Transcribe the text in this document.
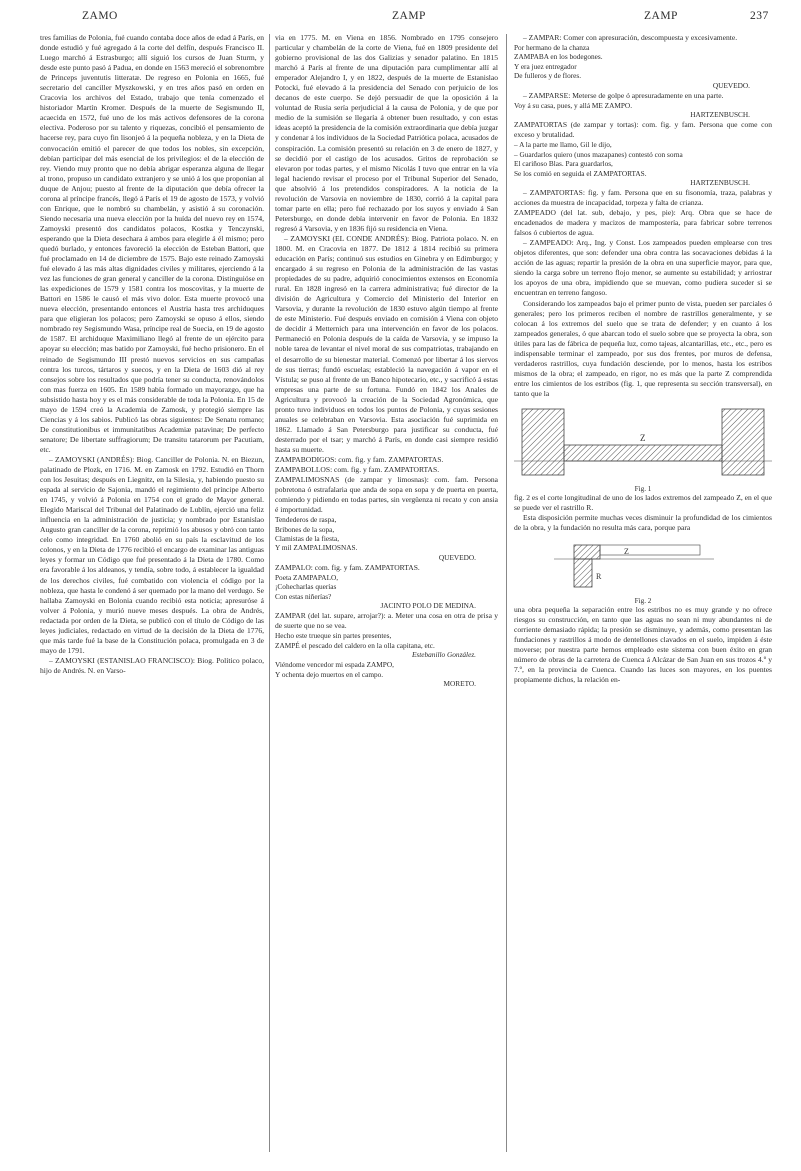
ZAMO	ZAMP	ZAMP	237

tres familias de Polonia, fué cuando contaba doce años de edad á París, en donde estudió y fué agregado á la corte del delfín, después Francisco II. Luego marchó á Estrasburgo; allí siguió los cursos de Juan Sturm, y desde este punto pasó á Padua, en donde en 1563 mereció el sobrenombre de Princeps juventutis litteratæ. De regreso en Polonia en 1665, fué secretario del canciller Myszkowski, y en tres años pasó en orden en Cracovia los archivos del Estado, trabajo que tenía comenzado el historiador Martín Kromer. Después de la muerte de Segismundo II, acaecida en 1572, fué uno de los más activos defensores de la corona electiva. Poderoso por su talento y riquezas, concibió el pensamiento de hacerse rey, para cuyo fin lisonjeó á la pequeña nobleza, y en la Dieta de convocación emitió el parecer de que todos los nobles, sin excepción, debían participar del más esencial de los privilegios: el de la elección de rey. Viendo muy pronto que no debía abrigar esperanza alguna de llegar al trono, propuso un candidato extranjero y se unió á los que proponían al duque de Anjou; puesto al frente de la diputación que debía ofrecer la corona al príncipe francés, llegó á París el 19 de agosto de 1573, y volvió con Enrique, que le nombró su chambelán, y asistió á su coronación. Siendo necesaria una nueva elección por la huída del nuevo rey en 1574, Zamoyski presentó dos candidatos polacos, Kostka y Tenczynski, esperando que la Dieta desechara á ambos para elegirle á él mismo; pero quedó burlado, y entonces favoreció la elección de Esteban Battori, que fué proclamado en 14 de diciembre de 1575. Bajo este reinado Zamoyski fué elevado á las más altas dignidades civiles y militares, ejerciendo á la vez las funciones de gran general y canciller de la corona. Distinguióse en las expediciones de 1579 y 1581 contra los moscovitas, y la muerte de Battori en 1586 le causó el más vivo dolor. Esta muerte provocó una nueva elección, presentando entonces el Austria hasta tres archiduques para que eligieran los polacos; pero Zamoyski se opuso á ellos, siendo nombrado rey Segismundo Wasa, príncipe real de Suecia, en 19 de agosto de 1587. El archiduque Maximiliano llegó al frente de un ejército para apoyar su elección; mas batido por Zamoyski, fué hecho prisionero. En el reinado de Segismundo III prestó nuevos servicios en sus campañas contra los turcos, tártaros y suecos, y en la Dieta de 1603 dió al rey consejos sobre los resultados que podría tener su conducta, renovándolos con mas fuerza en 1605. En 1589 había formado un mayorazgo, que ha subsistido hasta hoy y es el más considerable de toda la Polonia. En 15 de mayo de 1594 creó la Academia de Zamosk, y protegió siempre las Ciencias y á los sabios. Publicó las obras siguientes: De Senatu romano; De constitutionibus et immunitatibus Academiæ patavinæ; De perfecto senatore; De libertate suffragiorum; De transitu tatarorum per Pacutiam, etc.

– ZAMOYSKI (ANDRÉS): Biog. Canciller de Polonia. N. en Biezun, palatinado de Plozk, en 1716. M. en Zamosk en 1792. Estudió en Thorn con los Jesuitas; después en Liegnitz, en la Silesia, y, habiendo puesto su espada al servicio de Sajonia, mandó el regimiento del príncipe Alberto en 1745, y volvió á Polonia en 1754 con el grado de Mayor general. Elegido Mariscal del Tribunal del Palatinado de Lublín, ejerció una feliz influencia en la administración de justicia; y nombrado por Estanislao Augusto gran canciller de la corona, reprimió los abusos y obró con tanto celo como integridad. En 1760 abolió en su país la esclavitud de los colonos, y en la Dieta de 1776 recibió el encargo de examinar las antiguas leyes y formar un Código que fué presentado á la Dieta de 1780. Como era favorable á los aldeanos, y tendía, sobre todo, á establecer la igualdad de los derechos civiles, fué combatido con violencia el código por la nobleza, que hasta le condenó á ser quemado por la mano del verdugo. Se hallaba Zamoyski en Bolonia cuando recibió esta noticia; apresuróse á volver á Polonia, y murió nueve meses después. La obra de Andrés, redactada por orden de la Dieta, se publicó con el título de Código de las leyes judiciales, redactado en virtud de la decisión de la Dieta de 1776, que más tarde fué la base de la Constitución polaca, promulgada en 3 de mayo de 1791.

– ZAMOYSKI (ESTANISLAO FRANCISCO): Biog. Político polaco, hijo de Andrés. N. en Varso-

via en 1775. M. en Viena en 1856. Nombrado en 1795 consejero particular y chambelán de la corte de Viena, fué en 1809 presidente del gobierno provisional de las dos Galizias y senador palatino. En 1815 marchó á París al frente de una diputación para cumplimentar allí al emperador Alejandro I, y en 1822, después de la muerte de Estanislao Potocki, fué elevado á la presidencia del Senado con perjuicio de los decanos de este cuerpo. Se dejó persuadir de que la oposición á la voluntad de Rusia sería perjudicial á la causa de Polonia, y de que por medio de la sumisión se llegaría á obtener buen resultado, y con estas ideas aceptó la presidencia de la comisión extraordinaria que debía juzgar y condenar á los individuos de la Sociedad Patriótica polaca, acusados de conspiración. La comisión presentó su relación en 3 de enero de 1827, y se decidió por el castigo de los acusados. Gritos de reprobación se elevaron por todas partes, y el mismo Nicolás I tuvo que entrar en la vía legal haciendo revisar el proceso por el Tribunal Superior del Senado, que absolvió á los pretendidos conspiradores. A la noticia de la revolución de Varsovia en noviembre de 1830, corrió á la capital para tomar parte en ella; pero fué rechazado por los suyos y enviado á San Petersburgo, en donde debía intervenir en favor de Polonia. En 1832 regresó á Varsovia, y en 1836 fijó su residencia en Viena.

– ZAMOYSKI (EL CONDE ANDRÉS): Biog. Patriota polaco. N. en 1800. M. en Cracovia en 1877. De 1812 á 1814 recibió su primera educación en París; continuó sus estudios en Ginebra y en Edimburgo; y encargado á su regreso en Polonia de la administración de las vastas propiedades de su padre, adquirió conocimientos extensos en Economía rural. En 1828 ingresó en la carrera administrativa; fué director de la división de Agricultura y Comercio del Ministerio del Interior en Varsovia, y durante la revolución de 1830 estuvo algún tiempo al frente de este Ministerio. Fué después enviado en comisión á Viena con objeto de decidir á Metternich para una intervención en favor de los polacos. Permaneció en Polonia después de la caída de Varsovia, y se impuso la noble tarea de levantar el nivel moral de sus compatriotas, trabajando en el desarrollo de su bienestar material. Comenzó por libertar á los siervos de sus tierras; fundó escuelas; estableció la navegación á vapor en el Vístula; se puso al frente de un Banco hipotecario, etc., y sacrificó á estas empresas una parte de su fortuna. Fundó en 1842 los Anales de Agricultura y provocó la creación de la Sociedad Agronómica, que pronto tuvo individuos en todos los puntos de Polonia, y cuyas sesiones anuales se celebraban en Varsovia. Esta asociación fué suprimida en 1862. Llamado á San Petersburgo para justificar su conducta, fué desterrado por el tsar; y marchó á París, en donde casi siempre residió hasta su muerte.

ZAMPABODIGOS: com. fig. y fam. ZAMPATORTAS.

ZAMPABOLLOS: com. fig. y fam. ZAMPATORTAS.

ZAMPALIMOSNAS (de zampar y limosnas): com. fam. Persona pobretona ó estrafalaria que anda de sopa en sopa y de puerta en puerta, comiendo y pidiendo en todas partes, sin vergüenza ni recato y con ansia é importunidad.

Tendederos de raspa,

Bribones de la sopa,

Clamistas de la fiesta,

Y mil ZAMPALIMOSNAS.

QUEVEDO.

ZAMPALO: com. fig. y fam. ZAMPATORTAS.

Poeta ZAMPAPALO,

¡Cohecharlas querías

Con estas niñerías?

JACINTO POLO DE MEDINA.

ZAMPAR (del lat. supare, arrojar?): a. Meter una cosa en otra de prisa y de suerte que no se vea.

Hecho este trueque sin partes presentes,

ZAMPÉ el pescado del caldero en la olla capitana, etc.

Estebanillo González.

Viéndome vencedor mi espada ZAMPO,

Y ochenta dejo muertos en el campo.

MORETO.

– ZAMPAR: Comer con apresuración, descompuesta y excesivamente.

Por hermano de la chanza

ZAMPABA en los bodegones.

Y era juez entregador

De fulleros y de flores.

QUEVEDO.

– ZAMPARSE: Meterse de golpe ó apresuradamente en una parte.

Voy á su casa, pues, y allá ME ZAMPO.

HARTZENBUSCH.

ZAMPATORTAS (de zampar y tortas): com. fig. y fam. Persona que come con exceso y brutalidad.

– A la parte me llamo, Gil le dijo,

– Guardarlos quiero (unos mazapanes) contestó con sorna

El cariñoso Blas. Para guardarlos,

Se los comió en seguida el ZAMPATORTAS.

HARTZENBUSCH.

– ZAMPATORTAS: fig. y fam. Persona que en su fisonomía, traza, palabras y acciones da muestra de incapacidad, torpeza y falta de crianza.

ZAMPEADO (del lat. sub, debajo, y pes, pie): Arq. Obra que se hace de encadenados de madera y macizos de mampostería, para fabricar sobre terrenos falsos ó cubiertos de agua.

– ZAMPEADO: Arq., Ing. y Const. Los zampeados pueden emplearse con tres objetos diferentes, que son: defender una obra contra las socavaciones debidas á la acción de las aguas; repartir la presión de la obra en una superficie mayor, para que, siendo la carga sobre un terreno flojo menor, se aumente su estabilidad; y arriostrar los apoyos de una obra, impidiendo que se muevan, como pudiera suceder si se encuentran en terreno fangoso.

Considerando los zampeados bajo el primer punto de vista, pueden ser parciales ó generales; pero los primeros reciben el nombre de rastrillos generalmente, y se colocan á los extremos del suelo que se trata de defender; y en cuanto á los zampeados generales, ó que abarcan todo el suelo sobre que se proyecta la obra, son útiles para las de fábrica de pequeña luz, como tajeas, alcantarillas, etc., etc., pero es indispensable terminar el zampeado, por sus dos frentes, por muros de defensa, verdaderos rastrillos, cuya fundación desciende, por lo menos, hasta los estribos mismos de la obra; el zampeado, en rigor, no es más que la parte Z comprendida entre los cimientos de los estribos (fig. 1, que representa su sección transversal), en tanto que la

Z

Fig. 1

fig. 2 es el corte longitudinal de uno de los lados extremos del zampeado Z, en el que se puede ver el rastrillo R.

Esta disposición permite muchas veces disminuir la profundidad de los cimientos de la obra, y la fundación no resulta más cara, porque para

Z
R

Fig. 2

una obra pequeña la separación entre los estribos no es muy grande y no ofrece riesgos su construcción, en tanto que las aguas no sean ni muy abundantes ni de corriente demasiado rápida; la presión se disminuye, y además, como presentan las fundaciones y rastrillos á modo de dentellones clavados en el suelo, impiden á éste moverse; por nuestra parte hemos empleado este sistema con buen éxito en gran número de obras de la carretera de Cuenca á Alcázar de San Juan en sus trozos 4.º y 7.º, en la provincia de Cuenca. Cuando las luces son mayores, en los puentes propiamente dichos, la relación en-
